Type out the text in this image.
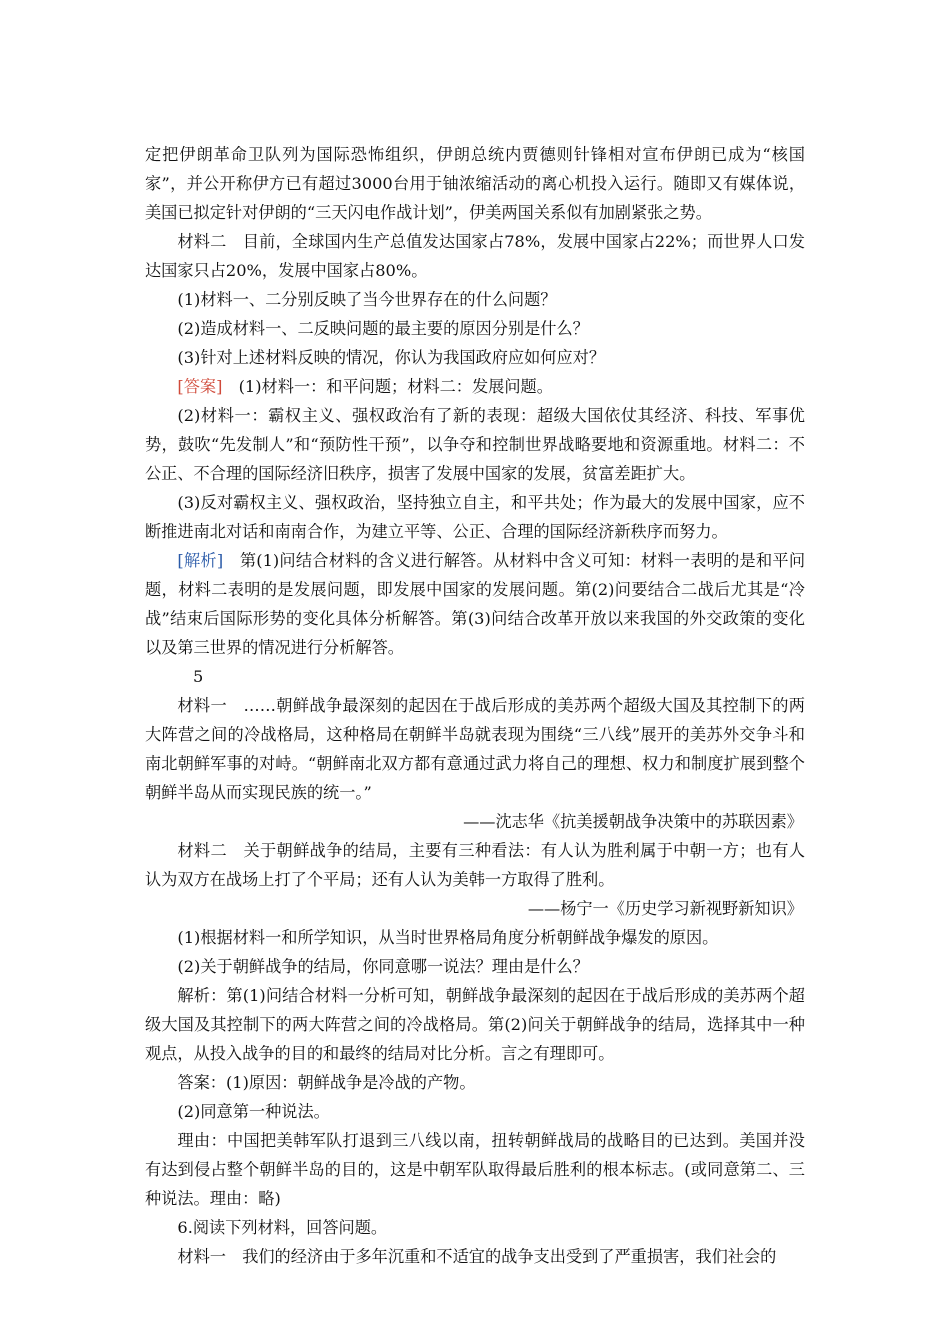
定把伊朗革命卫队列为国际恐怖组织，伊朗总统内贾德则针锋相对宣布伊朗已成为“核国家”，并公开称伊方已有超过3000台用于铀浓缩活动的离心机投入运行。随即又有媒体说，美国已拟定针对伊朗的“三天闪电作战计划”，伊美两国关系似有加剧紧张之势。

材料二　目前，全球国内生产总值发达国家占78%，发展中国家占22%；而世界人口发达国家只占20%，发展中国家占80%。

(1)材料一、二分别反映了当今世界存在的什么问题？

(2)造成材料一、二反映问题的最主要的原因分别是什么？

(3)针对上述材料反映的情况，你认为我国政府应如何应对？

[答案]　 (1)材料一：和平问题；材料二：发展问题。

(2)材料一：霸权主义、强权政治有了新的表现：超级大国依仗其经济、科技、军事优势，鼓吹“先发制人”和“预防性干预”，以争夺和控制世界战略要地和资源重地。材料二：不公正、不合理的国际经济旧秩序，损害了发展中国家的发展，贫富差距扩大。

(3)反对霸权主义、强权政治，坚持独立自主，和平共处；作为最大的发展中国家，应不断推进南北对话和南南合作，为建立平等、公正、合理的国际经济新秩序而努力。

[解析]　 第(1)问结合材料的含义进行解答。从材料中含义可知：材料一表明的是和平问题，材料二表明的是发展问题，即发展中国家的发展问题。第(2)问要结合二战后尤其是“冷战”结束后国际形势的变化具体分析解答。第(3)问结合改革开放以来我国的外交政策的变化以及第三世界的情况进行分析解答。

5

材料一　……朝鲜战争最深刻的起因在于战后形成的美苏两个超级大国及其控制下的两大阵营之间的冷战格局，这种格局在朝鲜半岛就表现为围绕“三八线”展开的美苏外交争斗和南北朝鲜军事的对峙。“朝鲜南北双方都有意通过武力将自己的理想、权力和制度扩展到整个朝鲜半岛从而实现民族的统一。”

——沈志华《抗美援朝战争决策中的苏联因素》

材料二　关于朝鲜战争的结局，主要有三种看法：有人认为胜利属于中朝一方；也有人认为双方在战场上打了个平局；还有人认为美韩一方取得了胜利。

——杨宁一《历史学习新视野新知识》

(1)根据材料一和所学知识，从当时世界格局角度分析朝鲜战争爆发的原因。

(2)关于朝鲜战争的结局，你同意哪一说法？理由是什么？

解析：第(1)问结合材料一分析可知，朝鲜战争最深刻的起因在于战后形成的美苏两个超级大国及其控制下的两大阵营之间的冷战格局。第(2)问关于朝鲜战争的结局，选择其中一种观点，从投入战争的目的和最终的结局对比分析。言之有理即可。

答案：(1)原因：朝鲜战争是冷战的产物。

(2)同意第一种说法。

理由：中国把美韩军队打退到三八线以南，扭转朝鲜战局的战略目的已达到。美国并没有达到侵占整个朝鲜半岛的目的，这是中朝军队取得最后胜利的根本标志。(或同意第二、三种说法。理由：略)

6.阅读下列材料，回答问题。

材料一　我们的经济由于多年沉重和不适宜的战争支出受到了严重损害，我们社会的
